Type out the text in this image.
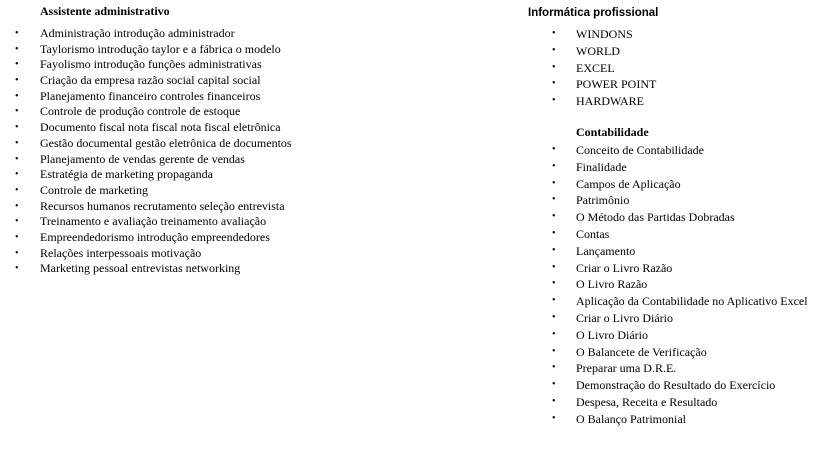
Assistente administrativo
• Administração introdução administrador
• Taylorismo introdução taylor e a fábrica o modelo
• Fayolismo introdução funções administrativas
• Criação da empresa razão social capital social
• Planejamento financeiro controles financeiros
• Controle de produção controle de estoque
• Documento fiscal nota fiscal nota fiscal eletrônica
• Gestão documental gestão eletrônica de documentos
• Planejamento de vendas gerente de vendas
• Estratégia de marketing propaganda
• Controle de marketing
• Recursos humanos recrutamento seleção entrevista
• Treinamento e avaliação treinamento avaliação
• Empreendedorismo introdução empreendedores
• Relações interpessoais motivação
• Marketing pessoal entrevistas networking
Informática profissional
• WINDONS
• WORLD
• EXCEL
• POWER POINT
• HARDWARE
Contabilidade
• Conceito de Contabilidade
• Finalidade
• Campos de Aplicação
• Patrimônio
• O Método das Partidas Dobradas
• Contas
• Lançamento
• Criar o Livro Razão
• O Livro Razão
• Aplicação da Contabilidade no Aplicativo Excel
• Criar o Livro Diário
• O Livro Diário
• O Balancete de Verificação
• Preparar uma D.R.E.
• Demonstração do Resultado do Exercício
• Despesa, Receita e Resultado
• O Balanço Patrimonial
